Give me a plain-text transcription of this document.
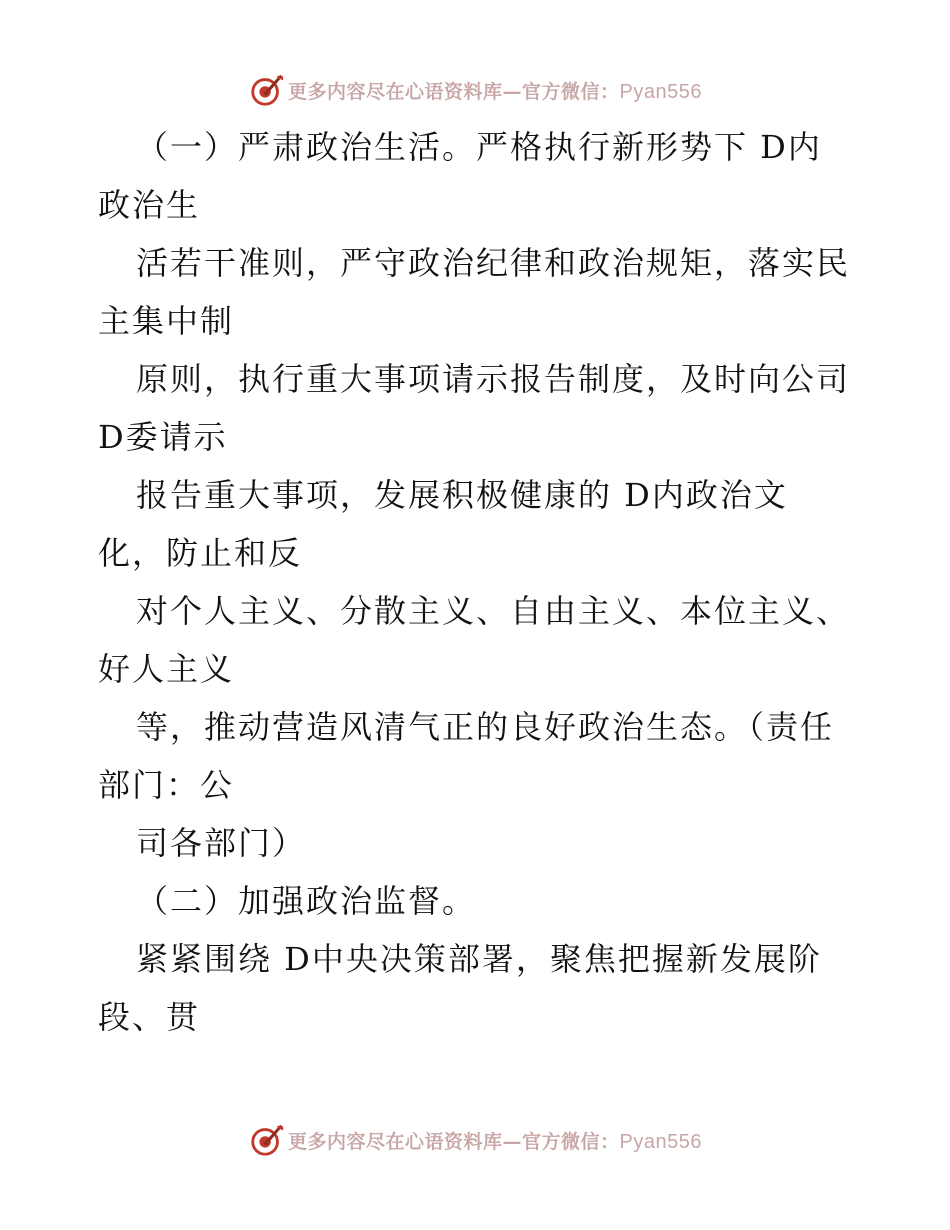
更多内容尽在心语资料库—官方微信：Pyan556
（一）严肃政治生活。严格执行新形势下 D内
政治生
活若干准则，严守政治纪律和政治规矩，落实民
主集中制
原则，执行重大事项请示报告制度，及时向公司
D委请示
报告重大事项，发展积极健康的 D内政治文
化，防止和反
对个人主义、分散主义、自由主义、本位主义、
好人主义
等，推动营造风清气正的良好政治生态。（责任
部门：公
司各部门）
（二）加强政治监督。
紧紧围绕 D中央决策部署，聚焦把握新发展阶
段、贯
更多内容尽在心语资料库—官方微信：Pyan556
